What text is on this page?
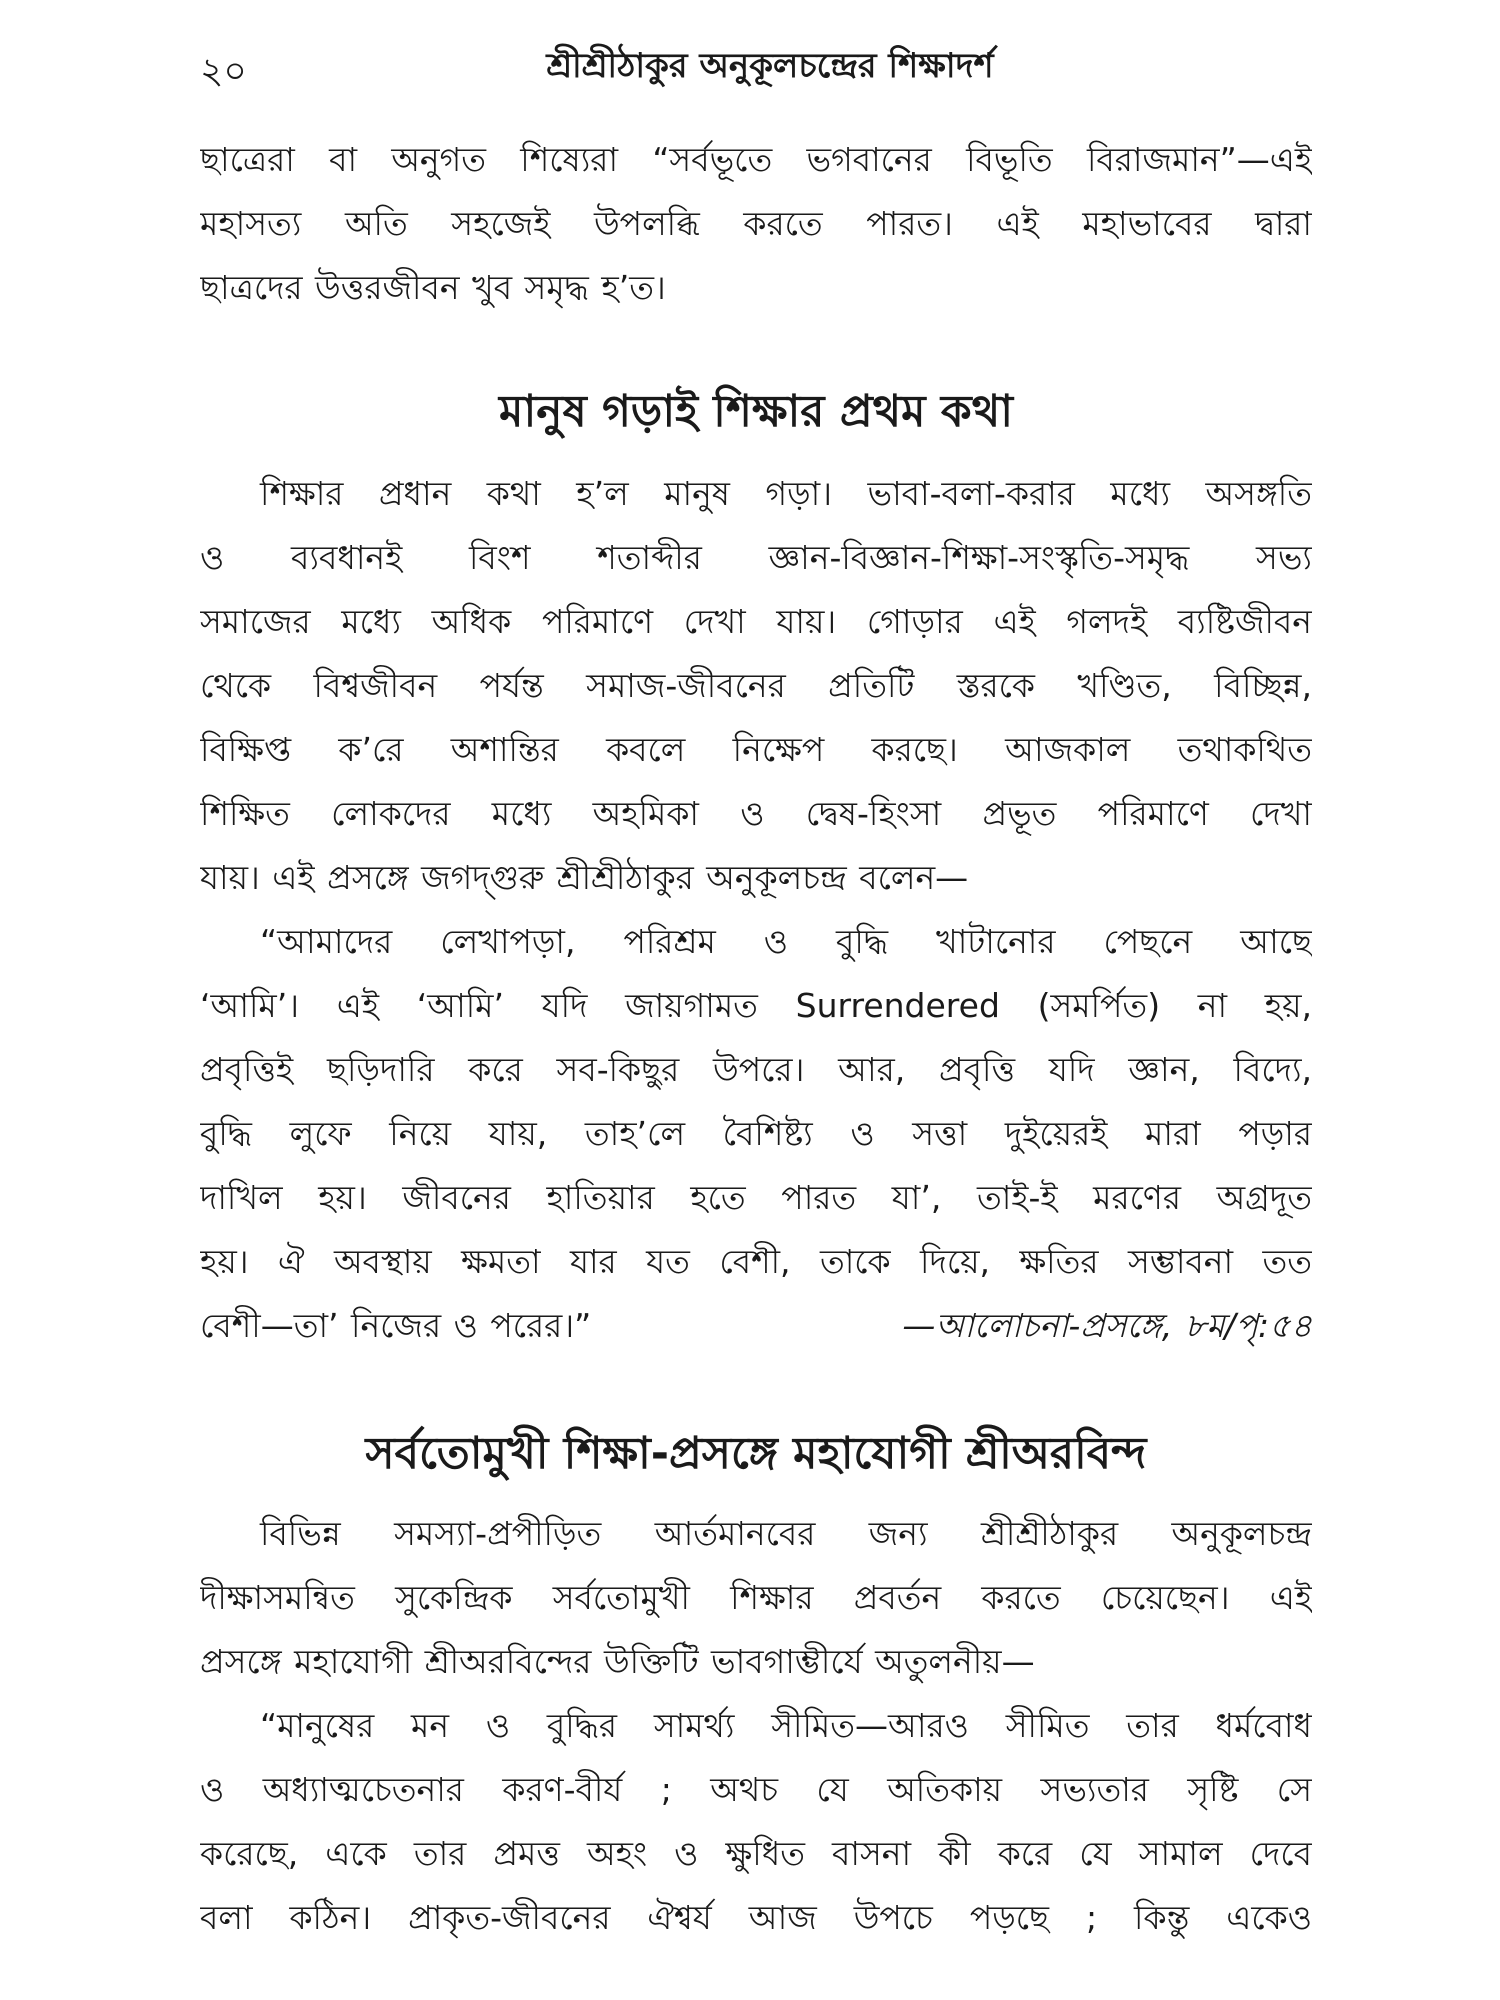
২০	শ্রীশ্রীঠাকুর অনুকূলচন্দ্রের শিক্ষাদর্শ
ছাত্রেরা বা অনুগত শিষ্যেরা “সর্বভূতে ভগবানের বিভূতি বিরাজমান”—এই
মহাসত্য অতি সহজেই উপলব্ধি করতে পারত। এই মহাভাবের দ্বারা
ছাত্রদের উত্তরজীবন খুব সমৃদ্ধ হ’ত।
মানুষ গড়াই শিক্ষার প্রথম কথা
শিক্ষার প্রধান কথা হ’ল মানুষ গড়া। ভাবা-বলা-করার মধ্যে অসঙ্গতি
ও ব্যবধানই বিংশ শতাব্দীর জ্ঞান-বিজ্ঞান-শিক্ষা-সংস্কৃতি-সমৃদ্ধ সভ্য
সমাজের মধ্যে অধিক পরিমাণে দেখা যায়। গোড়ার এই গলদই ব্যষ্টিজীবন
থেকে বিশ্বজীবন পর্যন্ত সমাজ-জীবনের প্রতিটি স্তরকে খণ্ডিত, বিচ্ছিন্ন,
বিক্ষিপ্ত ক’রে অশান্তির কবলে নিক্ষেপ করছে। আজকাল তথাকথিত
শিক্ষিত লোকদের মধ্যে অহমিকা ও দ্বেষ-হিংসা প্রভূত পরিমাণে দেখা
যায়। এই প্রসঙ্গে জগদ্‌গুরু শ্রীশ্রীঠাকুর অনুকূলচন্দ্র বলেন—
“আমাদের লেখাপড়া, পরিশ্রম ও বুদ্ধি খাটানোর পেছনে আছে
‘আমি’। এই ‘আমি’ যদি জায়গামত Surrendered (সমর্পিত) না হয়,
প্রবৃত্তিই ছড়িদারি করে সব-কিছুর উপরে। আর, প্রবৃত্তি যদি জ্ঞান, বিদ্যে,
বুদ্ধি লুফে নিয়ে যায়, তাহ’লে বৈশিষ্ট্য ও সত্তা দুইয়েরই মারা পড়ার
দাখিল হয়। জীবনের হাতিয়ার হতে পারত যা’, তাই-ই মরণের অগ্রদূত
হয়। ঐ অবস্থায় ক্ষমতা যার যত বেশী, তাকে দিয়ে, ক্ষতির সম্ভাবনা তত
বেশী—তা’ নিজের ও পরের।”	—আলোচনা-প্রসঙ্গে, ৮ম/পৃ:৫৪
সর্বতোমুখী শিক্ষা-প্রসঙ্গে মহাযোগী শ্রীঅরবিন্দ
বিভিন্ন সমস্যা-প্রপীড়িত আর্তমানবের জন্য শ্রীশ্রীঠাকুর অনুকূলচন্দ্র
দীক্ষাসমন্বিত সুকেন্দ্রিক সর্বতোমুখী শিক্ষার প্রবর্তন করতে চেয়েছেন। এই
প্রসঙ্গে মহাযোগী শ্রীঅরবিন্দের উক্তিটি ভাবগাম্ভীর্যে অতুলনীয়—
“মানুষের মন ও বুদ্ধির সামর্থ্য সীমিত—আরও সীমিত তার ধর্মবোধ
ও অধ্যাত্মচেতনার করণ-বীর্য ; অথচ যে অতিকায় সভ্যতার সৃষ্টি সে
করেছে, একে তার প্রমত্ত অহং ও ক্ষুধিত বাসনা কী করে যে সামাল দেবে
বলা কঠিন। প্রাকৃত-জীবনের ঐশ্বর্য আজ উপচে পড়ছে ; কিন্তু একেও
